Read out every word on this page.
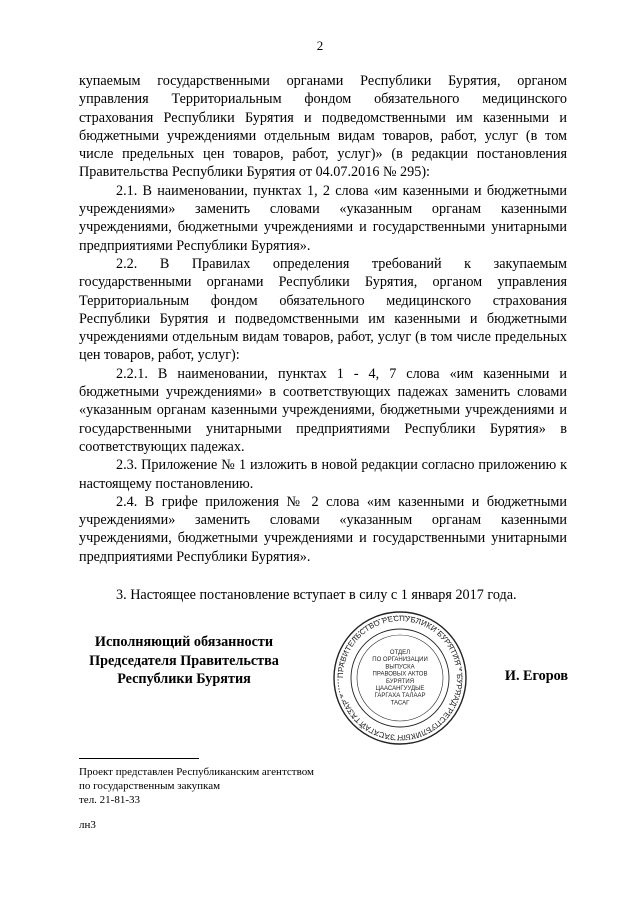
2

купаемым государственными органами Республики Бурятия, органом управления Территориальным фондом обязательного медицинского страхования Республики Бурятия и подведомственными им казенными и бюджетными учреждениями отдельным видам товаров, работ, услуг (в том числе предельных цен товаров, работ, услуг)» (в редакции постановления Правительства Республики Бурятия от 04.07.2016 № 295):

2.1. В наименовании, пунктах 1, 2 слова «им казенными и бюджетными учреждениями» заменить словами «указанным органам казенными учреждениями, бюджетными учреждениями и государственными унитарными предприятиями Республики Бурятия».

2.2. В Правилах определения требований к закупаемым государственными органами Республики Бурятия, органом управления Территориальным фондом обязательного медицинского страхования Республики Бурятия и подведомственными им казенными и бюджетными учреждениями отдельным видам товаров, работ, услуг (в том числе предельных цен товаров, работ, услуг):

2.2.1. В наименовании, пунктах 1 - 4, 7 слова «им казенными и бюджетными учреждениями» в соответствующих падежах заменить словами «указанным органам казенными учреждениями, бюджетными учреждениями и государственными унитарными предприятиями Республики Бурятия» в соответствующих падежах.

2.3. Приложение № 1 изложить в новой редакции согласно приложению к настоящему постановлению.

2.4. В грифе приложения № 2 слова «им казенными и бюджетными учреждениями» заменить словами «указанным органам казенными учреждениями, бюджетными учреждениями и государственными унитарными предприятиями Республики Бурятия».

3. Настоящее постановление вступает в силу с 1 января 2017 года.

Исполняющий обязанности
Председателя Правительства
Республики Бурятия	ПРАВИТЕЛЬСТВО РЕСПУБЛИКИ БУРЯТИЯ * БУРЯАД РЕСПУБЛИКЫН ЗАСАГАЙ ГАЗАР *
ОТДЕЛ
ПО ОРГАНИЗАЦИИ
ВЫПУСКА
ПРАВОВЫХ АКТОВ
БУРЯТИЯ
ЦААСАНГУУДЫЕ
ГАРГАХА ТАЛААР
ТАСАГ
И. Егоров
Проект представлен Республиканским агентством
по государственным закупкам
тел. 21-81-33
лн3
